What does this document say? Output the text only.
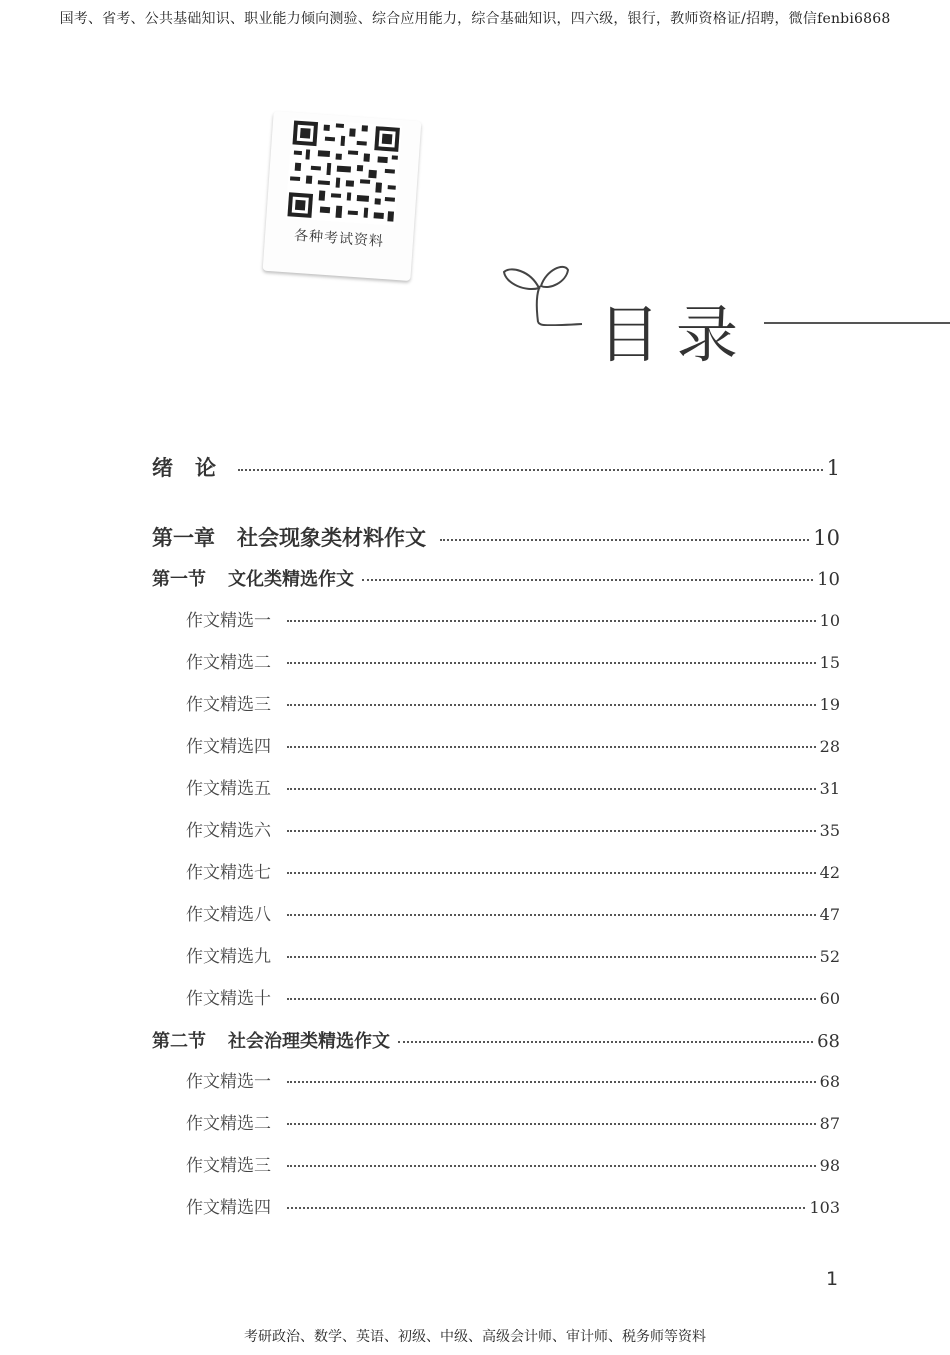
国考、省考、公共基础知识、职业能力倾向测验、综合应用能力，综合基础知识，四六级，银行，教师资格证/招聘，微信fenbi6868
各种考试资料
目录
绪论	1
第一章 社会现象类材料作文	10
第一节 文化类精选作文	10
作文精选一	10
作文精选二	15
作文精选三	19
作文精选四	28
作文精选五	31
作文精选六	35
作文精选七	42
作文精选八	47
作文精选九	52
作文精选十	60
第二节 社会治理类精选作文	68
作文精选一	68
作文精选二	87
作文精选三	98
作文精选四	103
1
考研政治、数学、英语、初级、中级、高级会计师、审计师、税务师等资料
